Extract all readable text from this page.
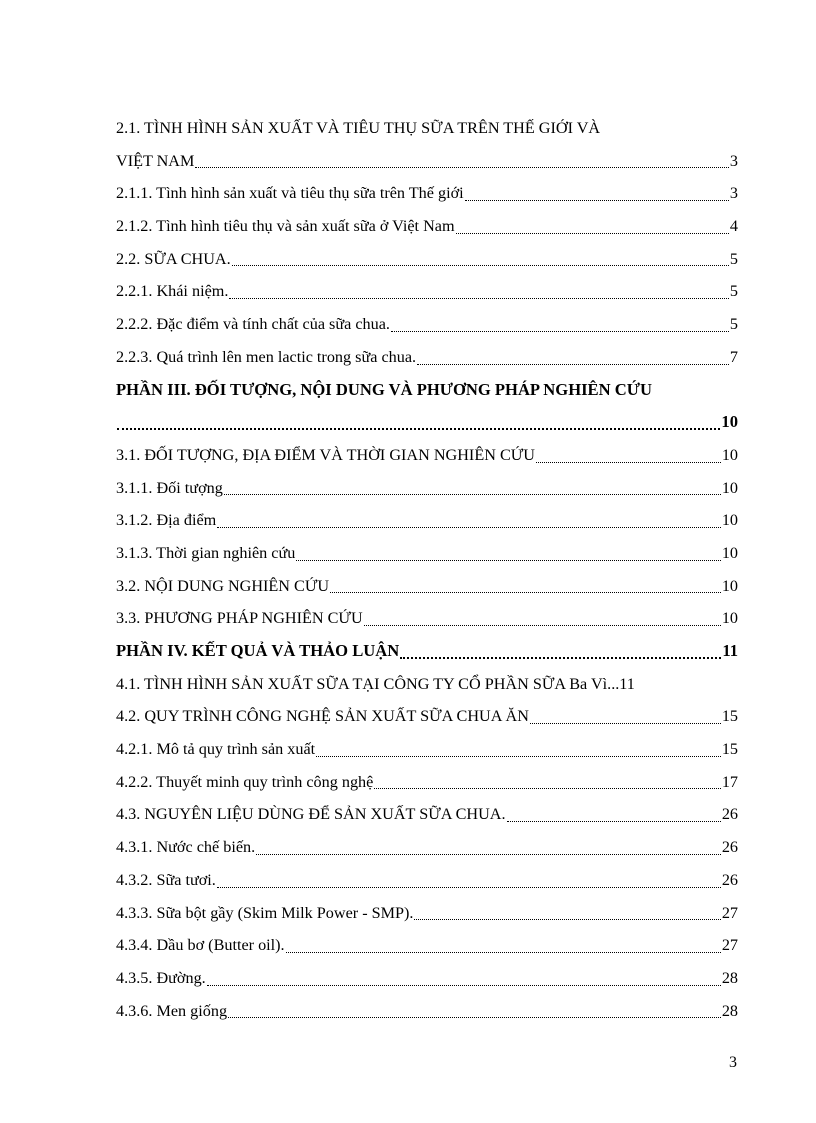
2.1. TÌNH HÌNH SẢN XUẤT VÀ TIÊU THỤ SỮA TRÊN THẾ GIỚI VÀ
VIỆT NAM	3
2.1.1. Tình hình sản xuất và tiêu thụ sữa trên Thế giới	3
2.1.2. Tình hình tiêu thụ và sản xuất sữa ở Việt Nam	4
2.2. SỮA CHUA.	5
2.2.1. Khái niệm.	5
2.2.2. Đặc điểm và tính chất của sữa chua.	5
2.2.3. Quá trình lên men lactic trong sữa chua.	7
PHẦN III. ĐỐI TƯỢNG, NỘI DUNG VÀ PHƯƠNG PHÁP NGHIÊN CỨU
10
3.1. ĐỐI TƯỢNG, ĐỊA ĐIỂM VÀ THỜI GIAN NGHIÊN CỨU	10
3.1.1. Đối tượng	10
3.1.2. Địa điểm	10
3.1.3. Thời gian nghiên cứu	10
3.2. NỘI DUNG NGHIÊN CỨU	10
3.3. PHƯƠNG PHÁP NGHIÊN CỨU	10
PHẦN IV. KẾT QUẢ VÀ THẢO LUẬN	11
4.1. TÌNH HÌNH SẢN XUẤT SỮA TẠI CÔNG TY CỔ PHẦN SỮA Ba Vì... 11
4.2. QUY TRÌNH CÔNG NGHỆ SẢN XUẤT SỮA CHUA ĂN	15
4.2.1. Mô tả quy trình sản xuất	15
4.2.2. Thuyết minh quy trình công nghệ	17
4.3. NGUYÊN LIỆU DÙNG ĐỂ SẢN XUẤT SỮA CHUA.	26
4.3.1. Nước chế biến.	26
4.3.2. Sữa tươi.	26
4.3.3. Sữa bột gầy (Skim Milk Power - SMP).	27
4.3.4. Dầu bơ (Butter oil).	27
4.3.5. Đường.	28
4.3.6. Men giống	28
3
